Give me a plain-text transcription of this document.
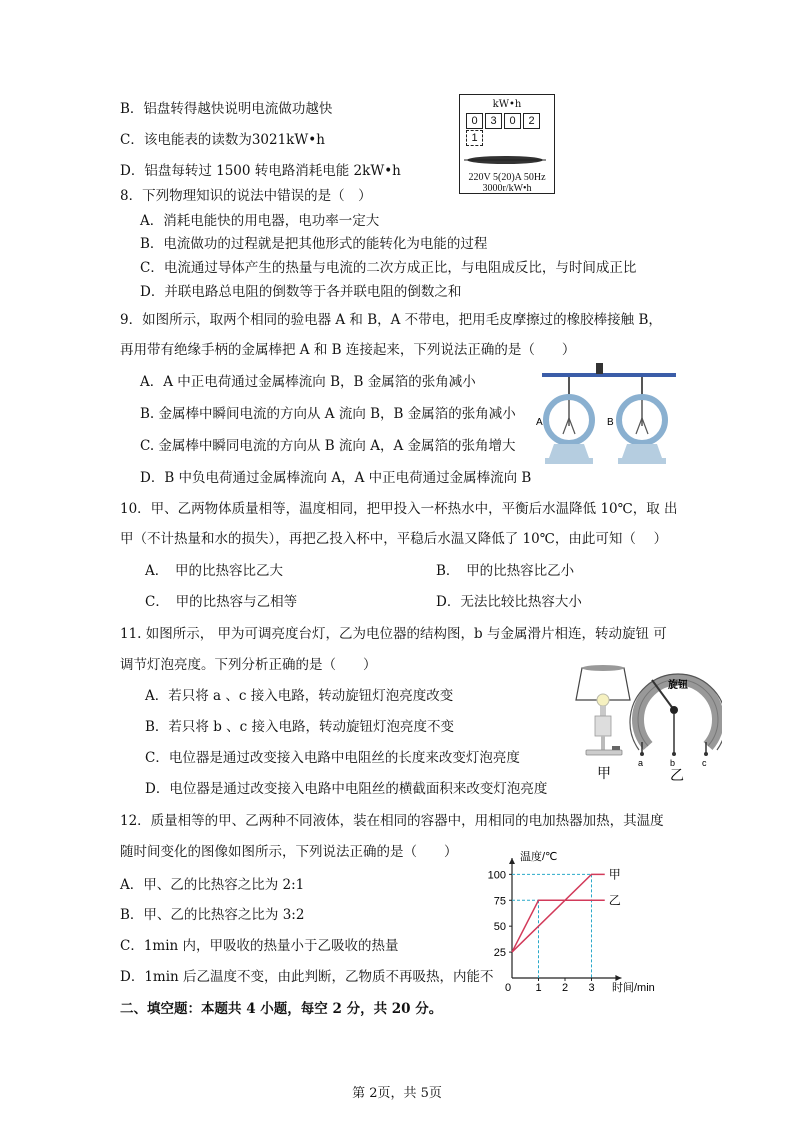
B．铝盘转得越快说明电流做功越快
C．该电能表的读数为3021kW•h
D．铝盘每转过 1500 转电路消耗电能 2kW•h
kW•h
0 3 0 21
220V 5(20)A 50Hz
3000r/kW•h
8．下列物理知识的说法中错误的是（　）
A．消耗电能快的用电器，电功率一定大
B．电流做功的过程就是把其他形式的能转化为电能的过程
C．电流通过导体产生的热量与电流的二次方成正比，与电阻成反比，与时间成正比
D．并联电路总电阻的倒数等于各并联电阻的倒数之和
9．如图所示，取两个相同的验电器 A 和 B，A 不带电，把用毛皮摩擦过的橡胶棒接触 B，
再用带有绝缘手柄的金属棒把 A 和 B 连接起来，下列说法正确的是（　　）
A．A 中正电荷通过金属棒流向 B，B 金属箔的张角减小
B. 金属棒中瞬间电流的方向从 A 流向 B，B 金属箔的张角减小
C. 金属棒中瞬同电流的方向从 B 流向 A，A 金属箔的张角增大
D．B 中负电荷通过金属棒流向 A，A 中正电荷通过金属棒流向 B
A	B
10．甲、乙两物体质量相等，温度相同，把甲投入一杯热水中，平衡后水温降低 10℃，取 出
甲（不计热量和水的损失），再把乙投入杯中，平稳后水温又降低了 10℃，由此可知（　 ）
A．　甲的比热容比乙大	B．　甲的比热容比乙小
C．　甲的比热容与乙相等	D．无法比较比热容大小
11. 如图所示， 甲为可调亮度台灯，乙为电位器的结构图，b 与金属滑片相连，转动旋钮 可
调节灯泡亮度。下列分析正确的是（　　）
A．若只将 a 、c 接入电路，转动旋钮灯泡亮度改变
B．若只将 b 、c 接入电路，转动旋钮灯泡亮度不变
C．电位器是通过改变接入电路中电阻丝的长度来改变灯泡亮度
D．电位器是通过改变接入电路中电阻丝的横截面积来改变灯泡亮度
甲
旋钮
a	b	c
乙
12．质量相等的甲、乙两种不同液体，装在相同的容器中，用相同的电加热器加热，其温度
随时间变化的图像如图所示，下列说法正确的是（　　）
A．甲、乙的比热容之比为 2:1
B．甲、乙的比热容之比为 3:2
C．1min 内，甲吸收的热量小于乙吸收的热量
D．1min 后乙温度不变，由此判断，乙物质不再吸热，内能不
25
50
75
100
0 1 2 3
甲
乙
温度/℃
时间/min
二、填空题：本题共 4 小题，每空 2 分，共 20 分。
第 2页，共 5页
